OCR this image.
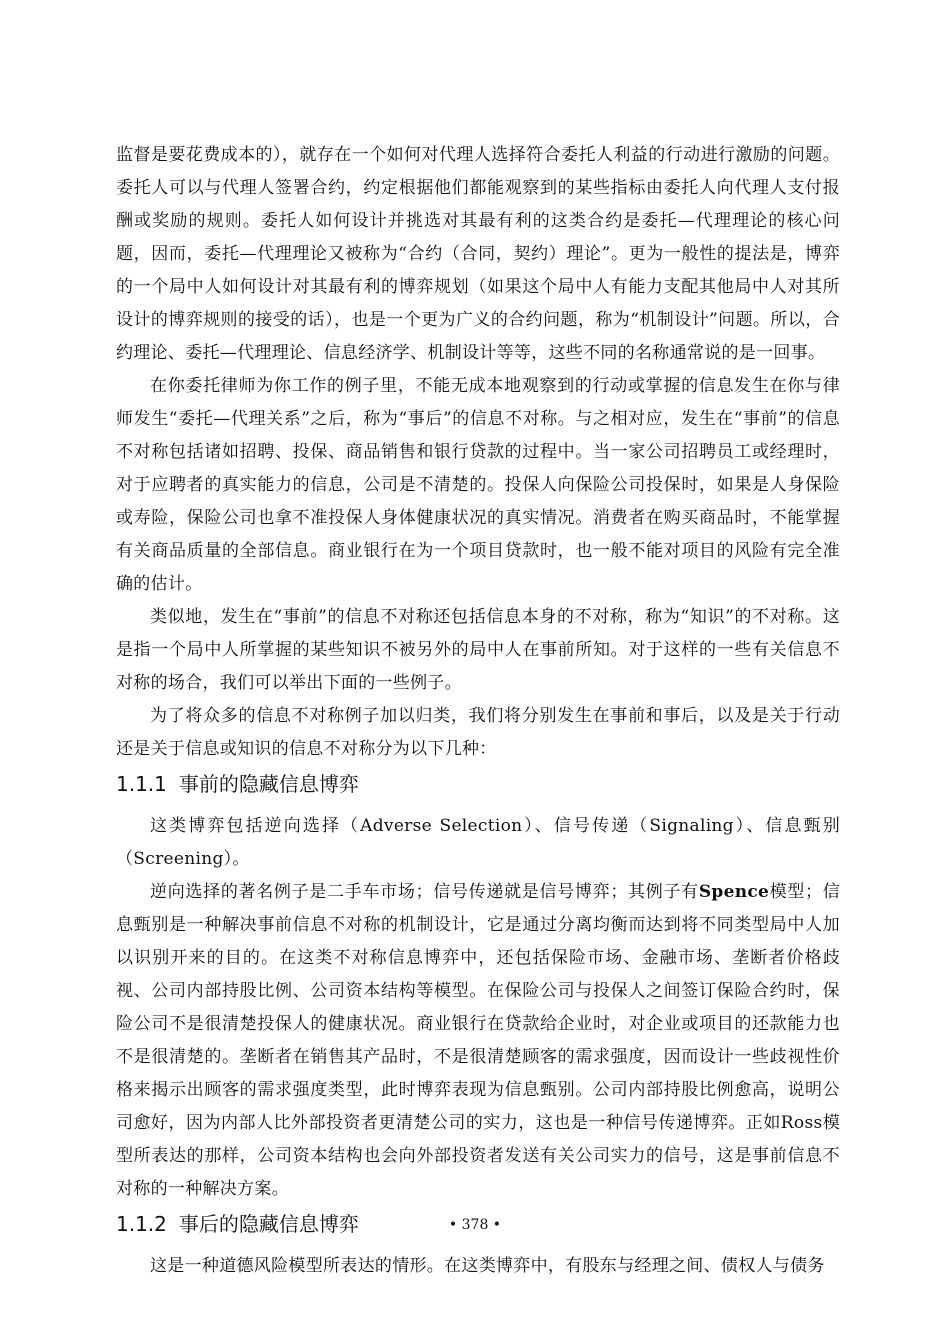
监督是要花费成本的），就存在一个如何对代理人选择符合委托人利益的行动进行激励的问题。委托人可以与代理人签署合约，约定根据他们都能观察到的某些指标由委托人向代理人支付报酬或奖励的规则。委托人如何设计并挑选对其最有利的这类合约是委托—代理理论的核心问题，因而，委托—代理理论又被称为“合约（合同，契约）理论”。更为一般性的提法是，博弈的一个局中人如何设计对其最有利的博弈规划（如果这个局中人有能力支配其他局中人对其所设计的博弈规则的接受的话），也是一个更为广义的合约问题，称为“机制设计”问题。所以，合约理论、委托—代理理论、信息经济学、机制设计等等，这些不同的名称通常说的是一回事。

在你委托律师为你工作的例子里，不能无成本地观察到的行动或掌握的信息发生在你与律师发生“委托—代理关系”之后，称为“事后”的信息不对称。与之相对应，发生在“事前”的信息不对称包括诸如招聘、投保、商品销售和银行贷款的过程中。当一家公司招聘员工或经理时，对于应聘者的真实能力的信息，公司是不清楚的。投保人向保险公司投保时，如果是人身保险或寿险，保险公司也拿不准投保人身体健康状况的真实情况。消费者在购买商品时，不能掌握有关商品质量的全部信息。商业银行在为一个项目贷款时，也一般不能对项目的风险有完全准确的估计。

类似地，发生在“事前”的信息不对称还包括信息本身的不对称，称为“知识”的不对称。这是指一个局中人所掌握的某些知识不被另外的局中人在事前所知。对于这样的一些有关信息不对称的场合，我们可以举出下面的一些例子。

为了将众多的信息不对称例子加以归类，我们将分别发生在事前和事后，以及是关于行动还是关于信息或知识的信息不对称分为以下几种：

1.1.1 事前的隐藏信息博弈

这类博弈包括逆向选择（Adverse Selection）、信号传递（Signaling）、信息甄别（Screening）。

逆向选择的著名例子是二手车市场；信号传递就是信号博弈；其例子有Spence模型；信息甄别是一种解决事前信息不对称的机制设计，它是通过分离均衡而达到将不同类型局中人加以识别开来的目的。在这类不对称信息博弈中，还包括保险市场、金融市场、垄断者价格歧视、公司内部持股比例、公司资本结构等模型。在保险公司与投保人之间签订保险合约时，保险公司不是很清楚投保人的健康状况。商业银行在贷款给企业时，对企业或项目的还款能力也不是很清楚的。垄断者在销售其产品时，不是很清楚顾客的需求强度，因而设计一些歧视性价格来揭示出顾客的需求强度类型，此时博弈表现为信息甄别。公司内部持股比例愈高，说明公司愈好，因为内部人比外部投资者更清楚公司的实力，这也是一种信号传递博弈。正如Ross模型所表达的那样，公司资本结构也会向外部投资者发送有关公司实力的信号，这是事前信息不对称的一种解决方案。

1.1.2 事后的隐藏信息博弈

这是一种道德风险模型所表达的情形。在这类博弈中，有股东与经理之间、债权人与债务

• 378 •
